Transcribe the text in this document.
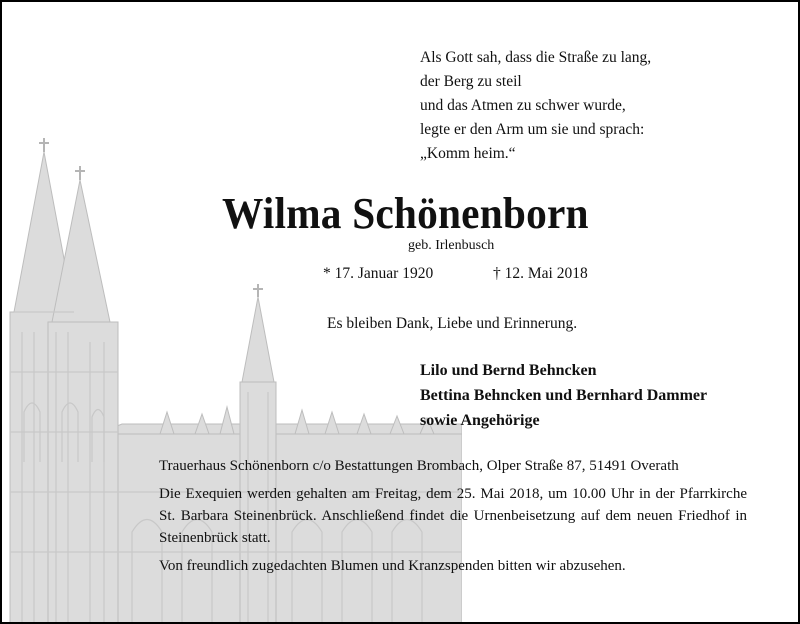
Als Gott sah, dass die Straße zu lang,
der Berg zu steil
und das Atmen zu schwer wurde,
legte er den Arm um sie und sprach:
„Komm heim.“
Wilma Schönenborn
geb. Irlenbusch
* 17. Januar 1920	† 12. Mai 2018
Es bleiben Dank, Liebe und Erinnerung.
Lilo und Bernd Behncken
Bettina Behncken und Bernhard Dammer
sowie Angehörige

Trauerhaus Schönenborn c/o Bestattungen Brombach, Olper Straße 87, 51491 Overath

Die Exequien werden gehalten am Freitag, dem 25. Mai 2018, um 10.00 Uhr in der Pfarrkirche St. Barbara Steinenbrück. Anschließend findet die Urnenbeisetzung auf dem neuen Friedhof in Steinenbrück statt.

Von freundlich zugedachten Blumen und Kranzspenden bitten wir abzusehen.
